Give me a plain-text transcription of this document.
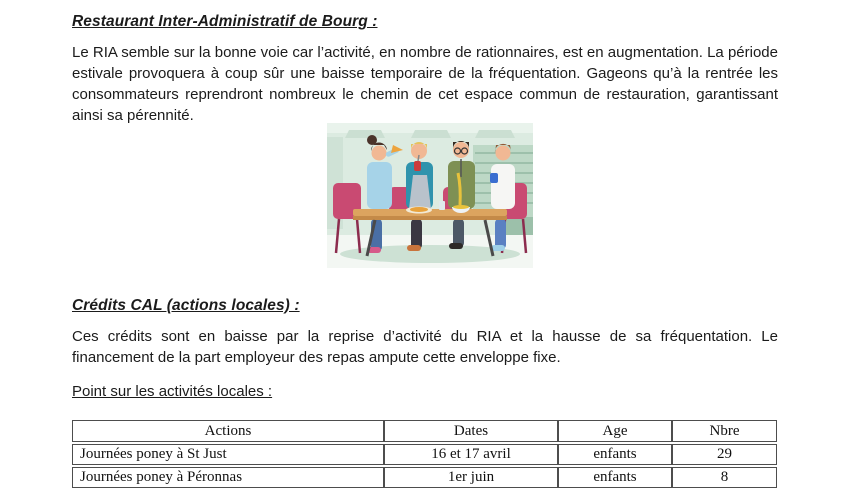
Restaurant Inter-Administratif de Bourg :
Le RIA semble sur la bonne voie car l’activité, en nombre de rationnaires, est en augmentation. La période estivale provoquera à coup sûr une baisse temporaire de la fréquentation. Gageons qu’à la rentrée les consommateurs reprendront nombreux le chemin de cet espace commun de restauration, garantissant ainsi sa pérennité.
Crédits CAL (actions locales) :
Ces crédits sont en baisse par la reprise d’activité du RIA et la hausse de sa fréquentation. Le financement de la part employeur des repas ampute cette enveloppe fixe.
Point sur les activités locales :
Actions	Dates	Age	Nbre
Journées poney à St Just	16 et 17 avril	enfants	29
Journées poney à Péronnas	1er juin	enfants	8
